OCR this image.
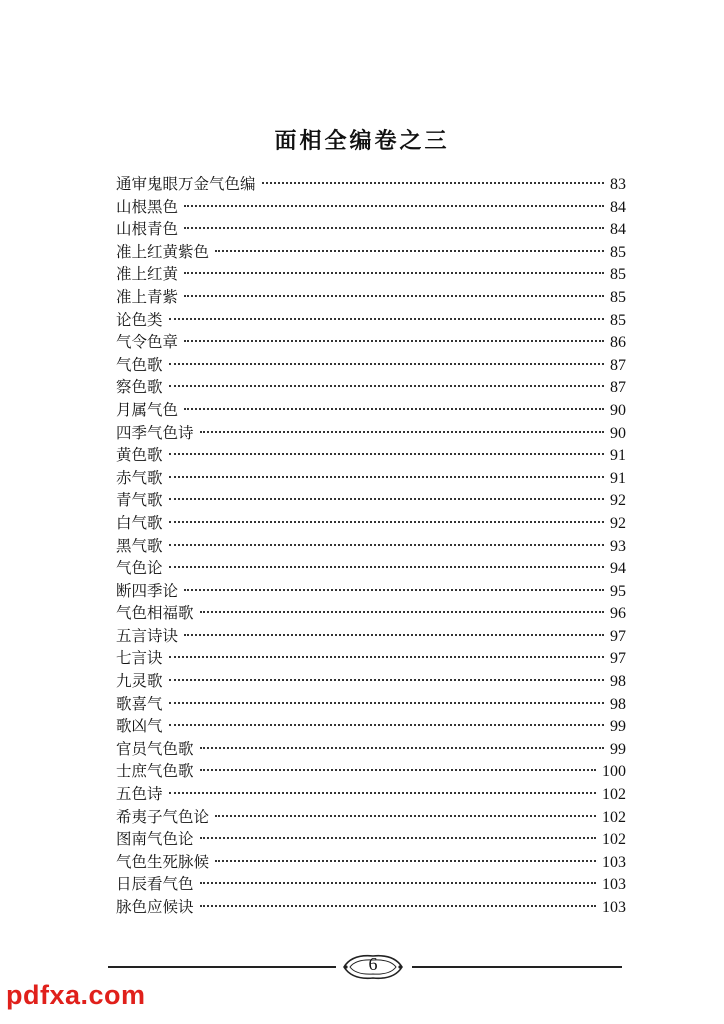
面相全编卷之三
通审鬼眼万金气色编	83
山根黑色	84
山根青色	84
准上红黄紫色	85
准上红黄	85
准上青紫	85
论色类	85
气令色章	86
气色歌	87
察色歌	87
月属气色	90
四季气色诗	90
黄色歌	91
赤气歌	91
青气歌	92
白气歌	92
黑气歌	93
气色论	94
断四季论	95
气色相福歌	96
五言诗诀	97
七言诀	97
九灵歌	98
歌喜气	98
歌凶气	99
官员气色歌	99
士庶气色歌	100
五色诗	102
希夷子气色论	102
图南气色论	102
气色生死脉候	103
日辰看气色	103
脉色应候诀	103
6
pdfxa.com
